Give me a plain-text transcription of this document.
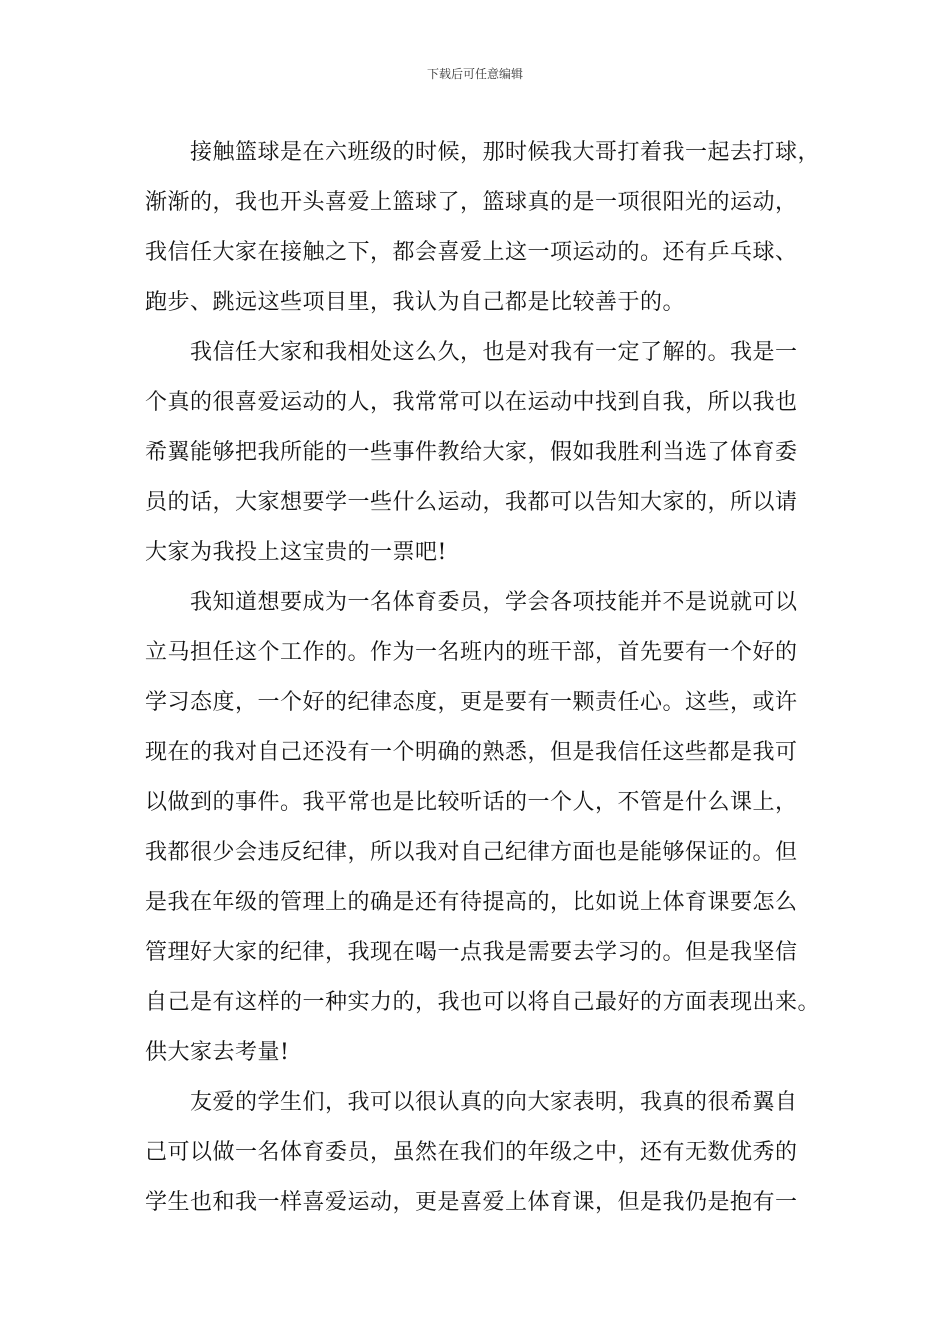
下载后可任意编辑

接触篮球是在六班级的时候，那时候我大哥打着我一起去打球，
渐渐的，我也开头喜爱上篮球了，篮球真的是一项很阳光的运动，
我信任大家在接触之下，都会喜爱上这一项运动的。还有乒乓球、
跑步、跳远这些项目里，我认为自己都是比较善于的。

我信任大家和我相处这么久，也是对我有一定了解的。我是一
个真的很喜爱运动的人，我常常可以在运动中找到自我，所以我也
希翼能够把我所能的一些事件教给大家，假如我胜利当选了体育委
员的话，大家想要学一些什么运动，我都可以告知大家的，所以请
大家为我投上这宝贵的一票吧!

我知道想要成为一名体育委员，学会各项技能并不是说就可以
立马担任这个工作的。作为一名班内的班干部，首先要有一个好的
学习态度，一个好的纪律态度，更是要有一颗责任心。这些，或许
现在的我对自己还没有一个明确的熟悉，但是我信任这些都是我可
以做到的事件。我平常也是比较听话的一个人，不管是什么课上，
我都很少会违反纪律，所以我对自己纪律方面也是能够保证的。但
是我在年级的管理上的确是还有待提高的，比如说上体育课要怎么
管理好大家的纪律，我现在喝一点我是需要去学习的。但是我坚信
自己是有这样的一种实力的，我也可以将自己最好的方面表现出来。
供大家去考量!

友爱的学生们，我可以很认真的向大家表明，我真的很希翼自
己可以做一名体育委员，虽然在我们的年级之中，还有无数优秀的
学生也和我一样喜爱运动，更是喜爱上体育课，但是我仍是抱有一
